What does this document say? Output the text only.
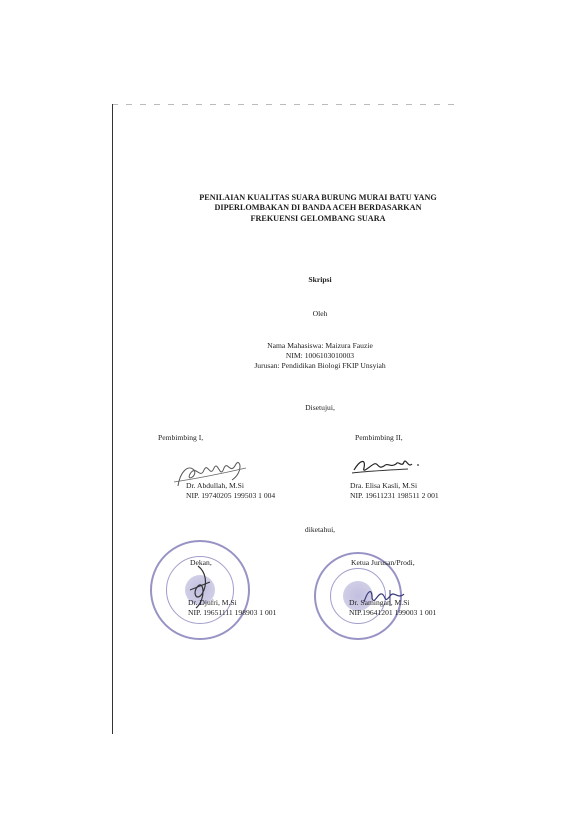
PENILAIAN KUALITAS SUARA BURUNG MURAI BATU YANG
DIPERLOMBAKAN DI BANDA ACEH BERDASARKAN
FREKUENSI GELOMBANG SUARA
Skripsi
Oleh
Nama Mahasiswa: Maizura Fauzie
NIM: 1006103010003
Jurusan: Pendidikan Biologi FKIP Unsyiah
Disetujui,
Pembimbing I,	Pembimbing II,
Dr. Abdullah, M.Si
NIP. 19740205 199503 1 004
Dra. Elisa Kasli, M.Si
NIP. 19611231 198511 2 001
diketahui,
Dekan,	Ketua Jurusan/Prodi,
Dr. Djufri, M.Si
NIP. 19651111 198903 1 001
Dr. Samingan, M.Si
NIP.19641201 199003 1 001
